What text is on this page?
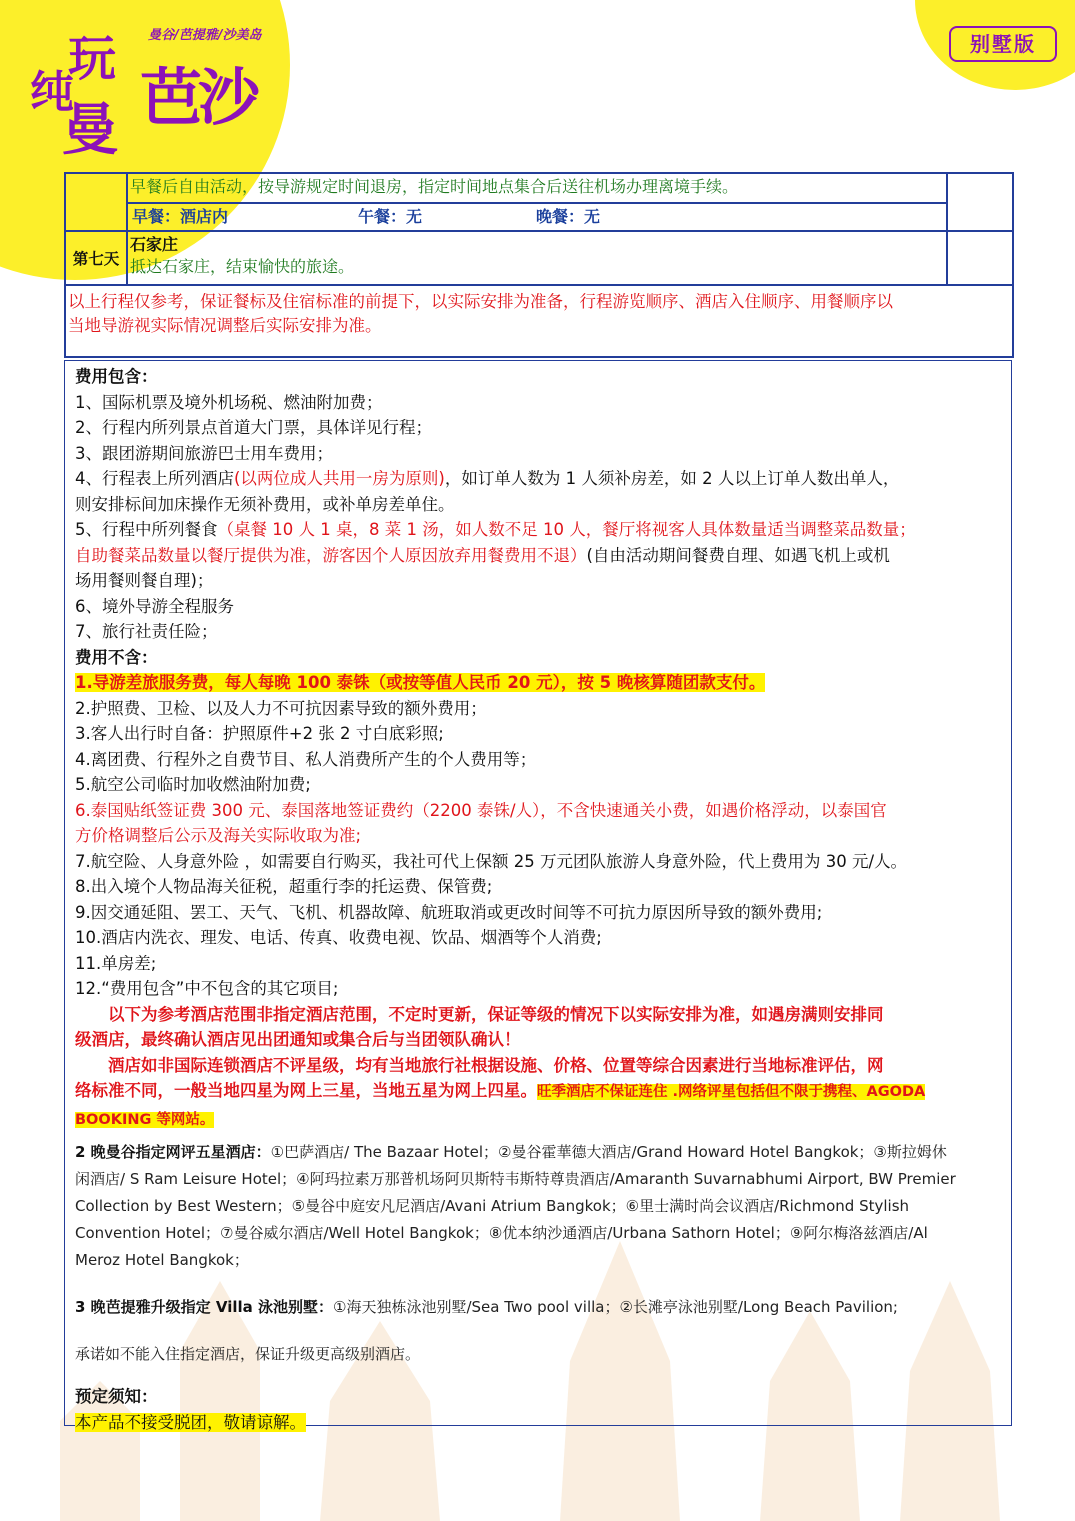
曼谷/芭提雅/沙美岛
纯
玩
曼 芭沙
别墅版
早餐后自由活动，按导游规定时间退房，指定时间地点集合后送往机场办理离境手续。
早餐：酒店内	午餐：无	晚餐：无
第七天
石家庄
抵达石家庄，结束愉快的旅途。
以上行程仅参考，保证餐标及住宿标准的前提下，以实际安排为准备，行程游览顺序、酒店入住顺序、用餐顺序以
当地导游视实际情况调整后实际安排为准。
费用包含：
1、国际机票及境外机场税、燃油附加费；
2、行程内所列景点首道大门票，具体详见行程；
3、跟团游期间旅游巴士用车费用；
4、行程表上所列酒店(以两位成人共用一房为原则)，如订单人数为 1 人须补房差，如 2 人以上订单人数出单人，
则安排标间加床操作无须补费用，或补单房差单住。
5、行程中所列餐食（桌餐 10 人 1 桌，8 菜 1 汤，如人数不足 10 人，餐厅将视客人具体数量适当调整菜品数量；
自助餐菜品数量以餐厅提供为准，游客因个人原因放弃用餐费用不退）(自由活动期间餐费自理、如遇飞机上或机
场用餐则餐自理)；
6、境外导游全程服务
7、旅行社责任险；
费用不含：
1.导游差旅服务费，每人每晚 100 泰铢（或按等值人民币 20 元），按 5 晚核算随团款支付。
2.护照费、卫检、以及人力不可抗因素导致的额外费用；
3.客人出行时自备：护照原件+2 张 2 寸白底彩照;
4.离团费、行程外之自费节目、私人消费所产生的个人费用等；
5.航空公司临时加收燃油附加费;
6.泰国贴纸签证费 300 元、泰国落地签证费约（2200 泰铢/人），不含快速通关小费，如遇价格浮动，以泰国官
方价格调整后公示及海关实际收取为准;
7.航空险、人身意外险 ，如需要自行购买，我社可代上保额 25 万元团队旅游人身意外险，代上费用为 30 元/人。
8.出入境个人物品海关征税，超重行李的托运费、保管费;
9.因交通延阻、罢工、天气、飞机、机器故障、航班取消或更改时间等不可抗力原因所导致的额外费用;
10.酒店内洗衣、理发、电话、传真、收费电视、饮品、烟酒等个人消费;
11.单房差;
12.“费用包含”中不包含的其它项目;
以下为参考酒店范围非指定酒店范围，不定时更新，保证等级的情况下以实际安排为准，如遇房满则安排同
级酒店，最终确认酒店见出团通知或集合后与当团领队确认！
酒店如非国际连锁酒店不评星级，均有当地旅行社根据设施、价格、位置等综合因素进行当地标准评估，网
络标准不同，一般当地四星为网上三星，当地五星为网上四星。旺季酒店不保证连住 .网络评星包括但不限于携程、AGODA
BOOKING 等网站。
2 晚曼谷指定网评五星酒店：①巴萨酒店/ The Bazaar Hotel；②曼谷霍華德大酒店/Grand Howard Hotel Bangkok；③斯拉姆休
闲酒店/ S Ram Leisure Hotel；④阿玛拉素万那普机场阿贝斯特韦斯特尊贵酒店/Amaranth Suvarnabhumi Airport, BW Premier
Collection by Best Western；⑤曼谷中庭安凡尼酒店/Avani Atrium Bangkok；⑥里士满时尚会议酒店/Richmond Stylish
Convention Hotel；⑦曼谷威尔酒店/Well Hotel Bangkok；⑧优本纳沙通酒店/Urbana Sathorn Hotel；⑨阿尔梅洛兹酒店/Al
Meroz Hotel Bangkok；
3 晚芭提雅升级指定 Villa 泳池别墅：①海天独栋泳池别墅/Sea Two pool villa；②长滩亭泳池别墅/Long Beach Pavilion;
承诺如不能入住指定酒店，保证升级更高级别酒店。
预定须知：
本产品不接受脱团，敬请谅解。
